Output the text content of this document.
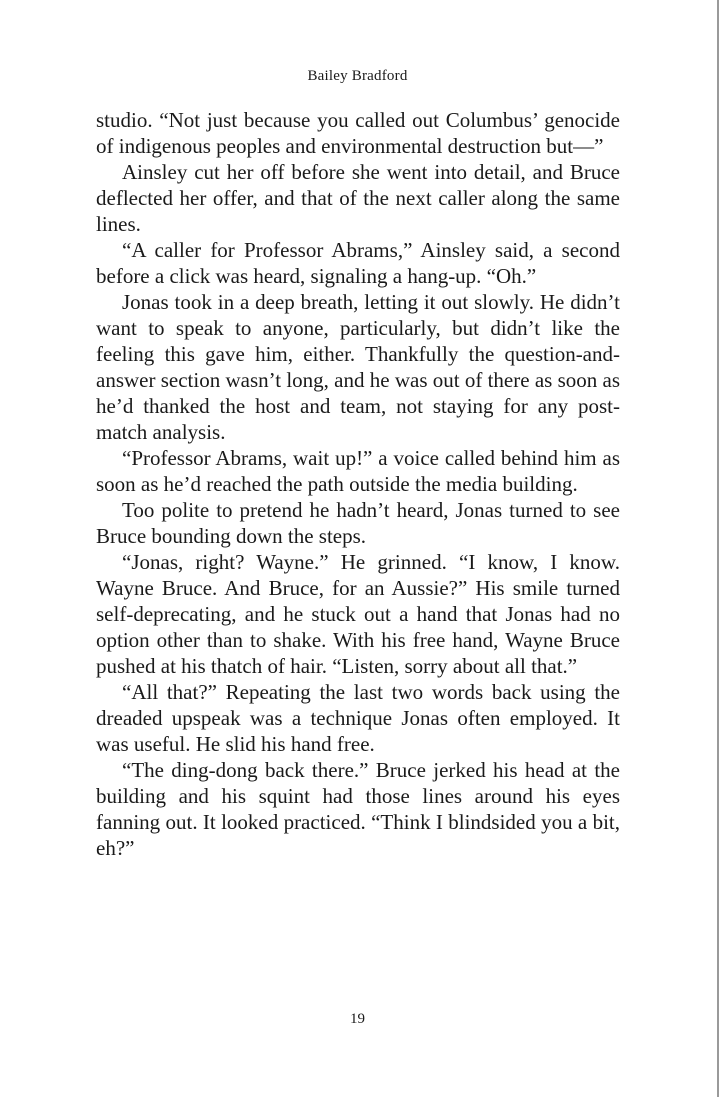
Bailey Bradford

studio. “Not just because you called out Columbus’ genocide of indigenous peoples and environmental destruction but—”

Ainsley cut her off before she went into detail, and Bruce deflected her offer, and that of the next caller along the same lines.

“A caller for Professor Abrams,” Ainsley said, a second before a click was heard, signaling a hang-up. “Oh.”

Jonas took in a deep breath, letting it out slowly. He didn’t want to speak to anyone, particularly, but didn’t like the feeling this gave him, either. Thankfully the question-and-answer section wasn’t long, and he was out of there as soon as he’d thanked the host and team, not staying for any post-match analysis.

“Professor Abrams, wait up!” a voice called behind him as soon as he’d reached the path outside the media building.

Too polite to pretend he hadn’t heard, Jonas turned to see Bruce bounding down the steps.

“Jonas, right? Wayne.” He grinned. “I know, I know. Wayne Bruce. And Bruce, for an Aussie?” His smile turned self-deprecating, and he stuck out a hand that Jonas had no option other than to shake. With his free hand, Wayne Bruce pushed at his thatch of hair. “Listen, sorry about all that.”

“All that?” Repeating the last two words back using the dreaded upspeak was a technique Jonas often employed. It was useful. He slid his hand free.

“The ding-dong back there.” Bruce jerked his head at the building and his squint had those lines around his eyes fanning out. It looked practiced. “Think I blindsided you a bit, eh?”

19
